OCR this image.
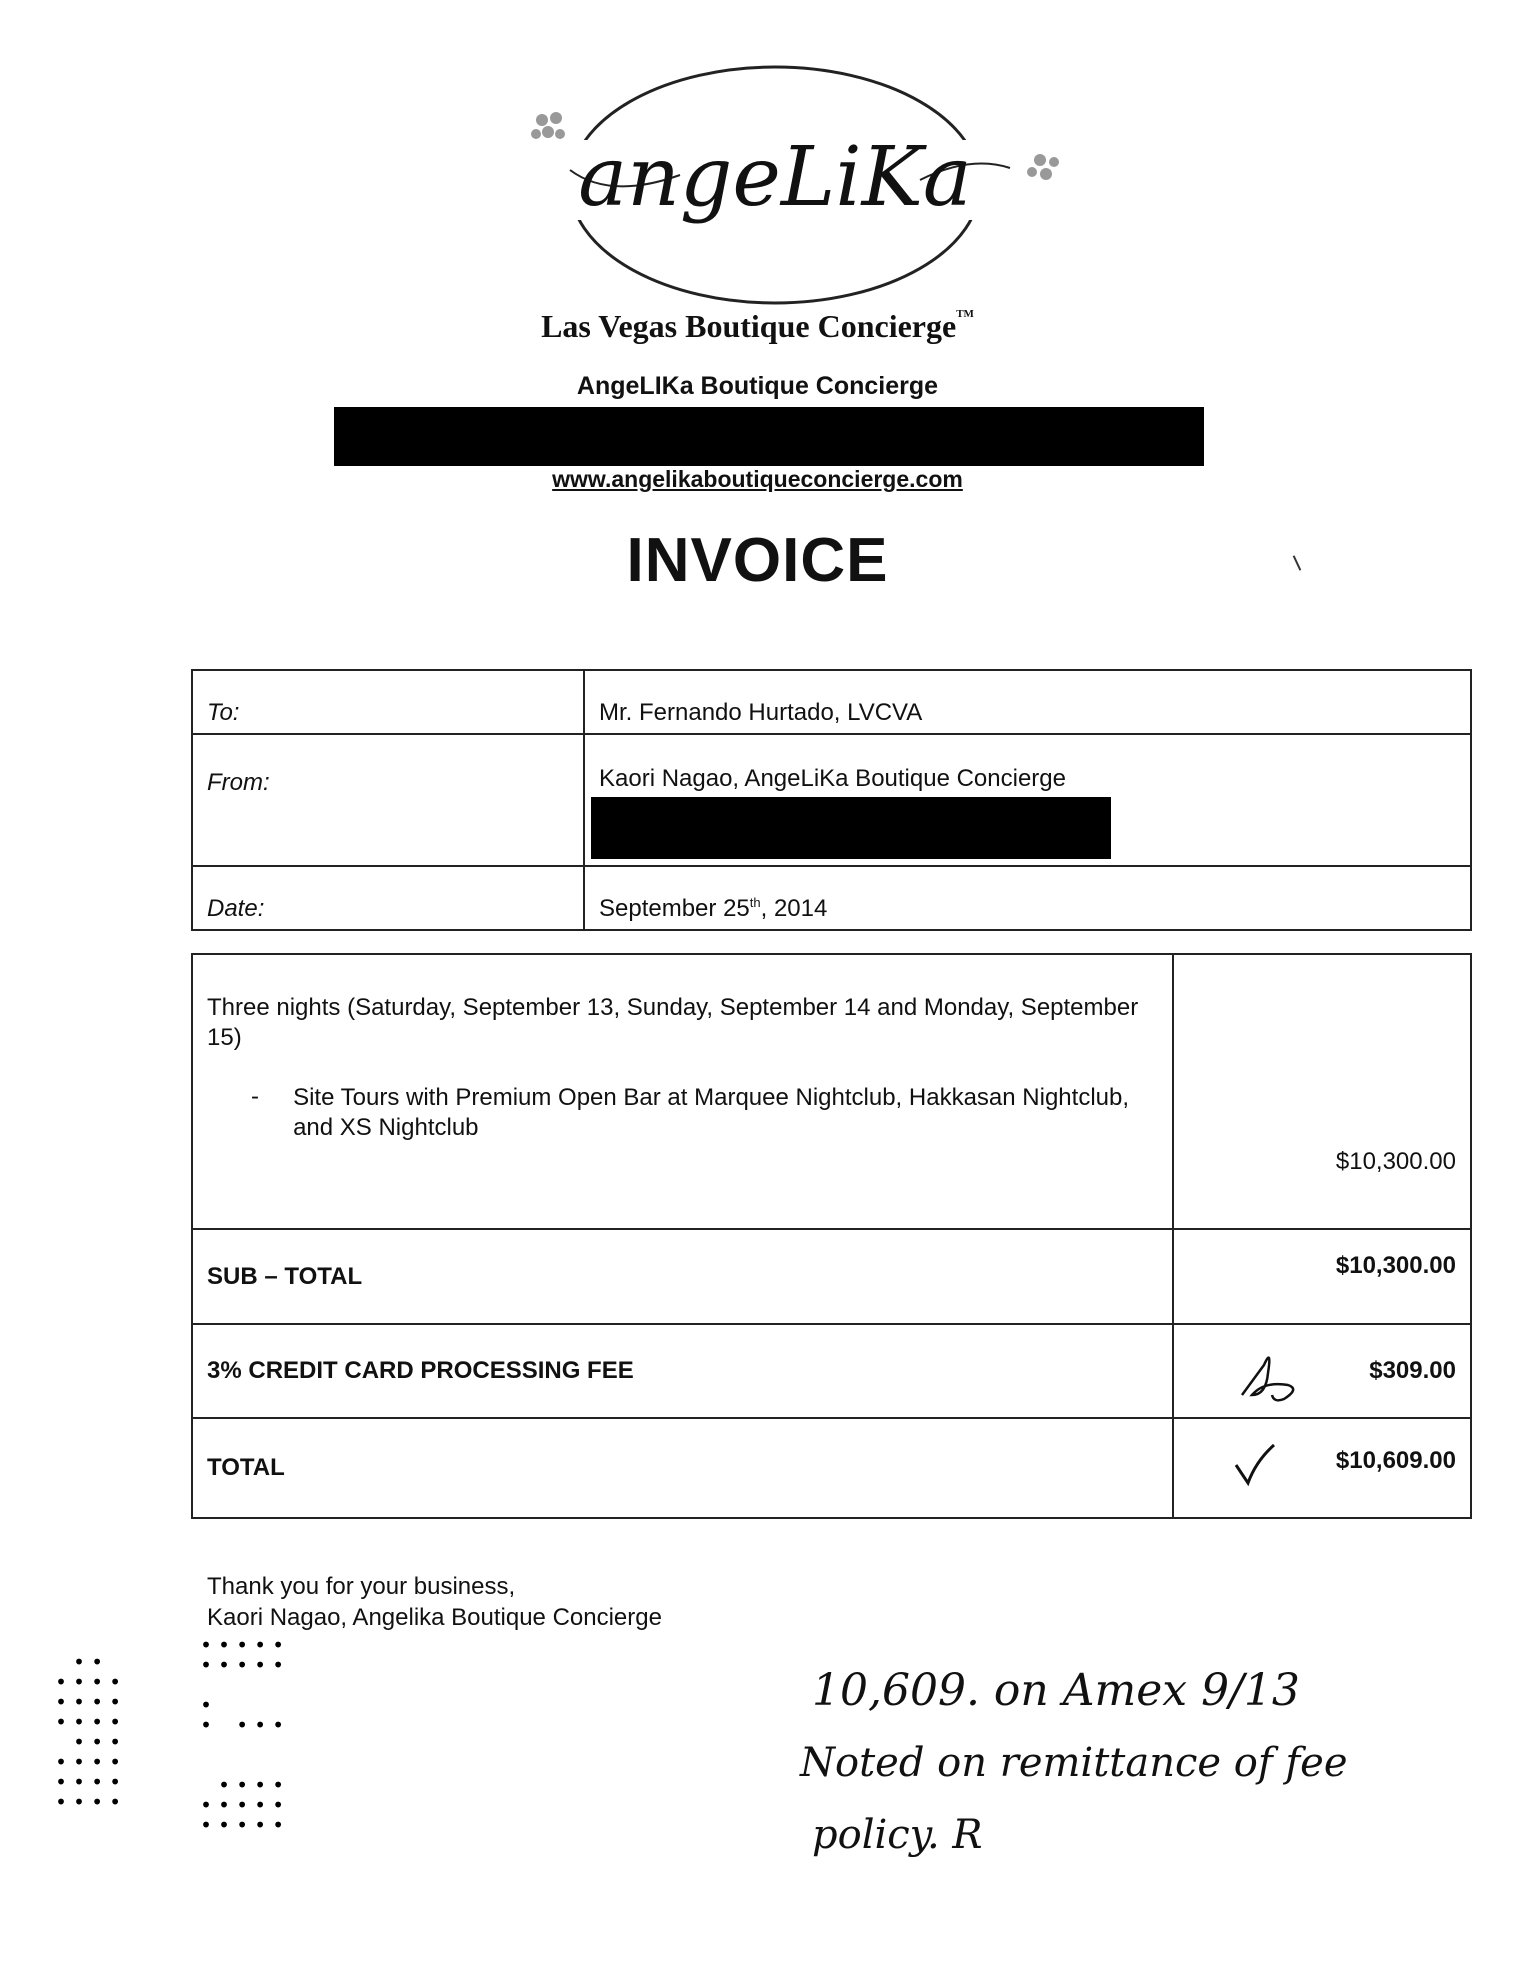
angeLiKa
Las Vegas Boutique Concierge™
AngeLIKa Boutique Concierge
www.angelikaboutiqueconcierge.com
INVOICE
To:	Mr. Fernando Hurtado, LVCVA
From:	Kaori Nagao, AngeLiKa Boutique Concierge

Date:	September 25th, 2014

Three nights (Saturday, September 13, Sunday, September 14 and Monday, September 15)

- Site Tours with Premium Open Bar at Marquee Nightclub, Hakkasan Nightclub, and XS Nightclub	$10,300.00
SUB – TOTAL	$10,300.00
3% CREDIT CARD PROCESSING FEE	$309.00
TOTAL	$10,609.00
Thank you for your business,
Kaori Nagao, Angelika Boutique Concierge
10,609. on Amex 9/13
Noted on remittance of fee
policy. R
••
••••
••••
••••
•••
••••
••••
••••
•••••
•••••

•
• •••

••••
•••••
•••••
